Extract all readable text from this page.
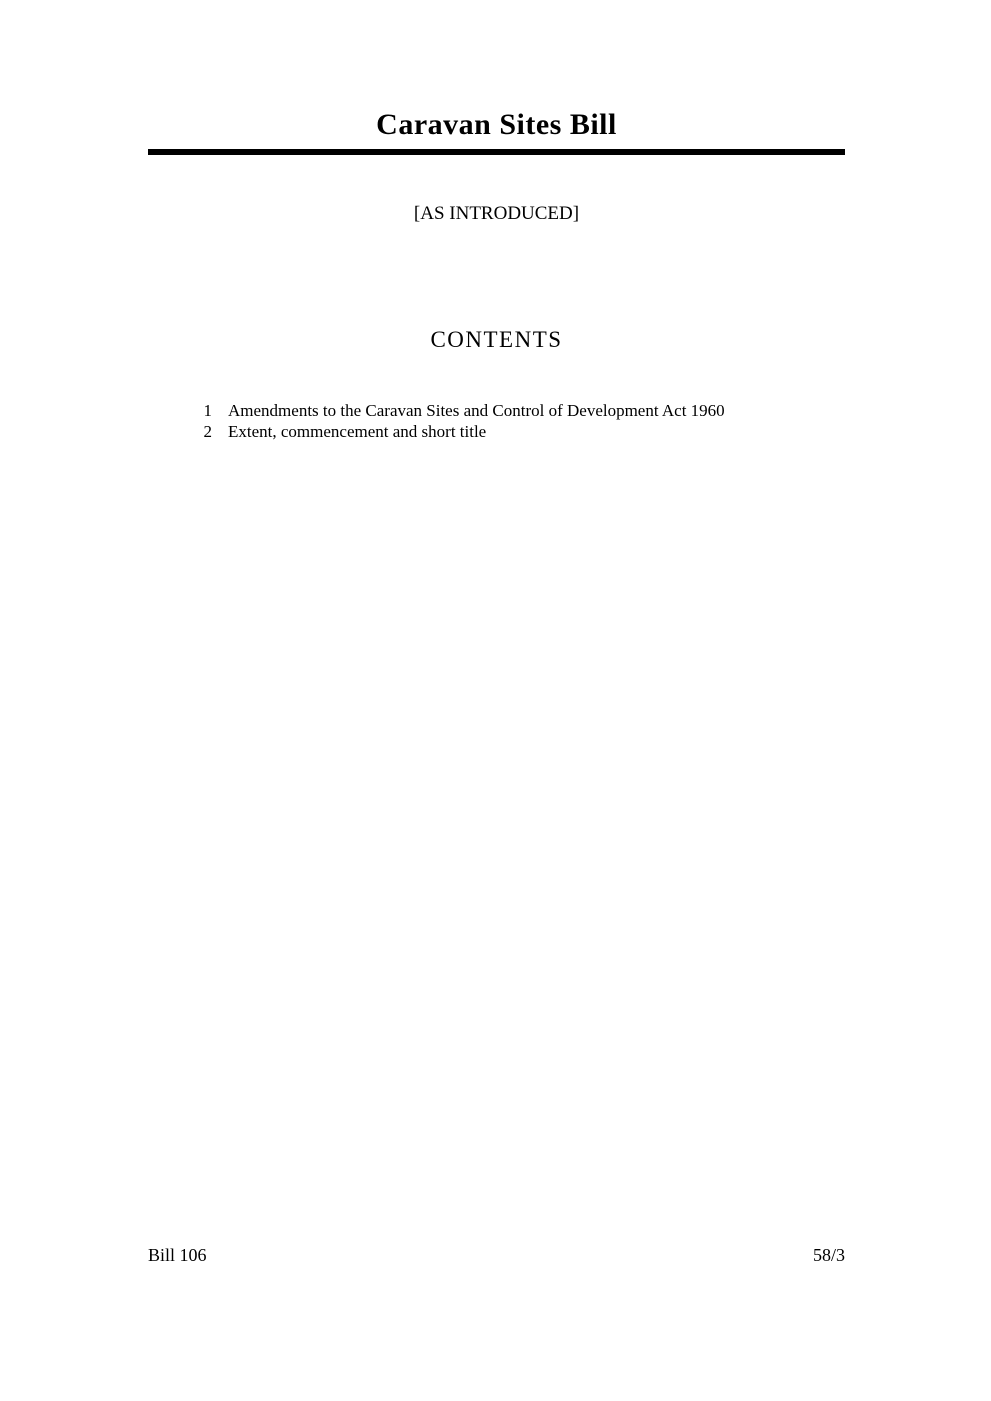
Caravan Sites Bill
[AS INTRODUCED]
CONTENTS
1 Amendments to the Caravan Sites and Control of Development Act 1960
2 Extent, commencement and short title
Bill 106	58/3
